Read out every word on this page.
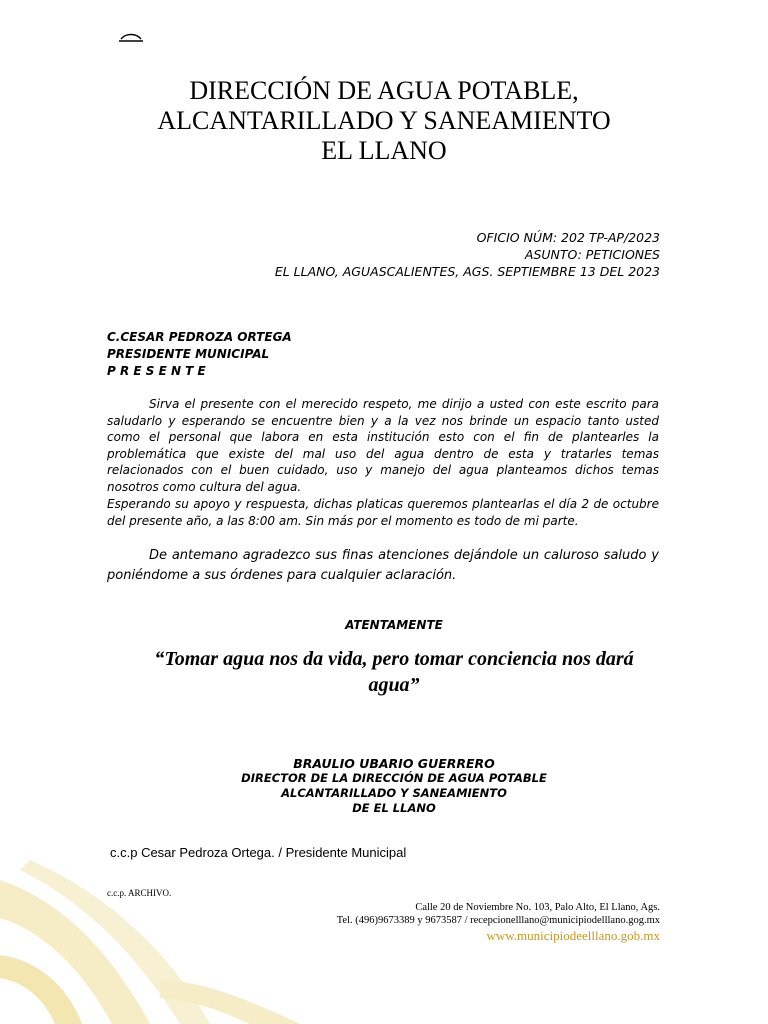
DIRECCIÓN DE AGUA POTABLE,
ALCANTARILLADO Y SANEAMIENTO
EL LLANO
OFICIO NÚM: 202 TP-AP/2023
ASUNTO: PETICIONES
EL LLANO, AGUASCALIENTES, AGS. SEPTIEMBRE 13 DEL 2023
C.CESAR PEDROZA ORTEGA
PRESIDENTE MUNICIPAL
P R E S E N T E
Sirva el presente con el merecido respeto, me dirijo a usted con este escrito para saludarlo y esperando se encuentre bien y a la vez nos brinde un espacio tanto usted como el personal que labora en esta institución esto con el fin de plantearles la problemática que existe del mal uso del agua dentro de esta y tratarles temas relacionados con el buen cuidado, uso y manejo del agua planteamos dichos temas nosotros como cultura del agua.
Esperando su apoyo y respuesta, dichas platicas queremos plantearlas el día 2 de octubre del presente año, a las 8:00 am. Sin más por el momento es todo de mi parte.
De antemano agradezco sus finas atenciones dejándole un caluroso saludo y poniéndome a sus órdenes para cualquier aclaración.
ATENTAMENTE
“Tomar agua nos da vida, pero tomar conciencia nos dará agua”
BRAULIO UBARIO GUERRERO
DIRECTOR DE LA DIRECCIÓN DE AGUA POTABLE
ALCANTARILLADO Y SANEAMIENTO
DE EL LLANO
c.c.p Cesar Pedroza Ortega. / Presidente Municipal
c.c.p. ARCHIVO.
Calle 20 de Noviembre No. 103, Palo Alto, El Llano, Ags.
Tel. (496)9673389 y 9673587 / recepcionelllano@municipiodelllano.gog.mx
www.municipiodeelllano.gob.mx
